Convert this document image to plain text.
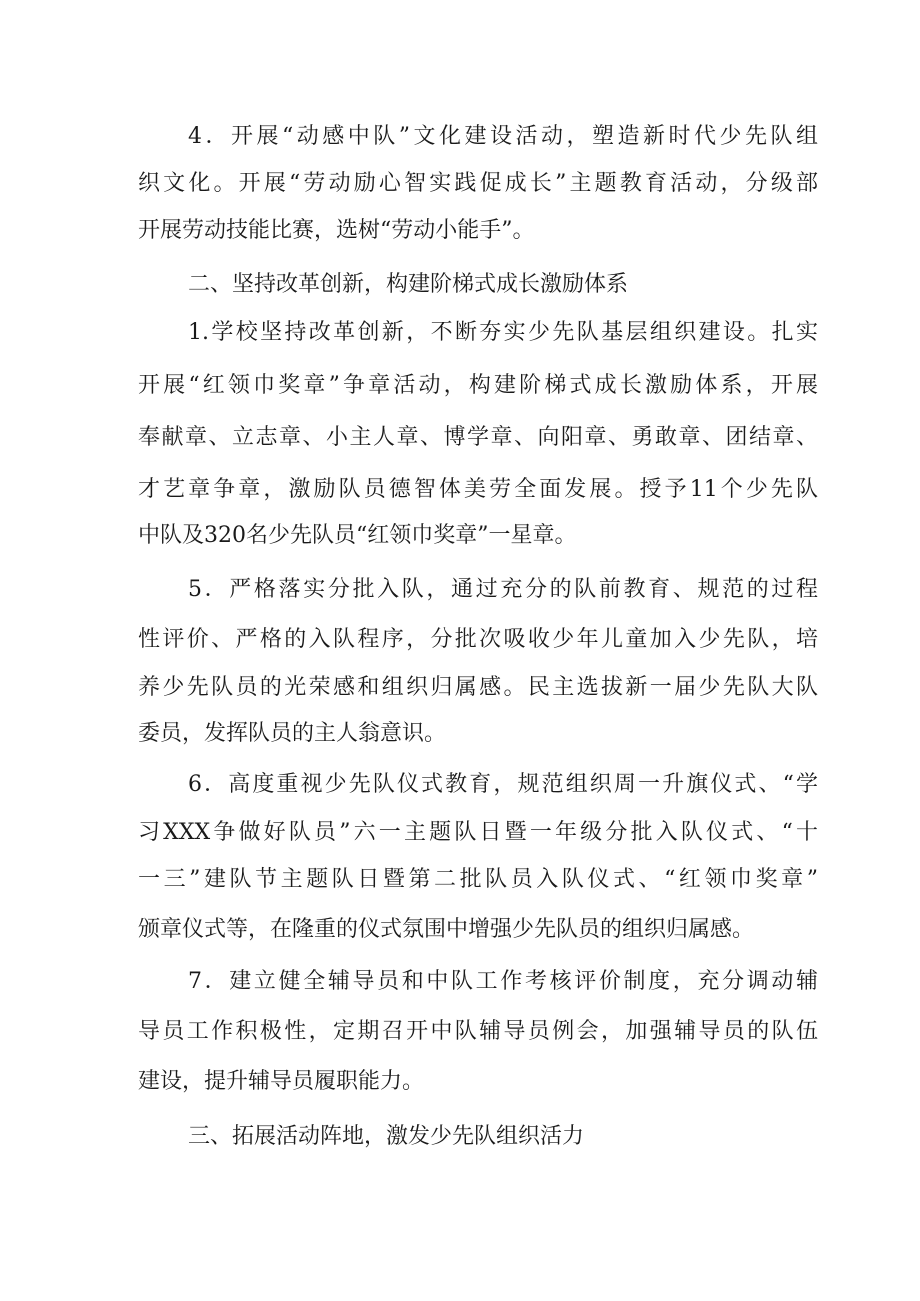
4．开展“动感中队”文化建设活动，塑造新时代少先队组
织文化。开展“劳动励心智实践促成长”主题教育活动，分级部
开展劳动技能比赛，选树“劳动小能手”。
二、坚持改革创新，构建阶梯式成长激励体系
1.学校坚持改革创新，不断夯实少先队基层组织建设。扎实
开展“红领巾奖章”争章活动，构建阶梯式成长激励体系，开展
奉献章、立志章、小主人章、博学章、向阳章、勇敢章、团结章、
才艺章争章，激励队员德智体美劳全面发展。授予11个少先队
中队及320名少先队员“红领巾奖章”一星章。
5．严格落实分批入队，通过充分的队前教育、规范的过程
性评价、严格的入队程序，分批次吸收少年儿童加入少先队，培
养少先队员的光荣感和组织归属感。民主选拔新一届少先队大队
委员，发挥队员的主人翁意识。
6．高度重视少先队仪式教育，规范组织周一升旗仪式、“学
习XXX争做好队员”六一主题队日暨一年级分批入队仪式、“十
一三”建队节主题队日暨第二批队员入队仪式、“红领巾奖章”
颁章仪式等，在隆重的仪式氛围中增强少先队员的组织归属感。
7．建立健全辅导员和中队工作考核评价制度，充分调动辅
导员工作积极性，定期召开中队辅导员例会，加强辅导员的队伍
建设，提升辅导员履职能力。
三、拓展活动阵地，激发少先队组织活力
